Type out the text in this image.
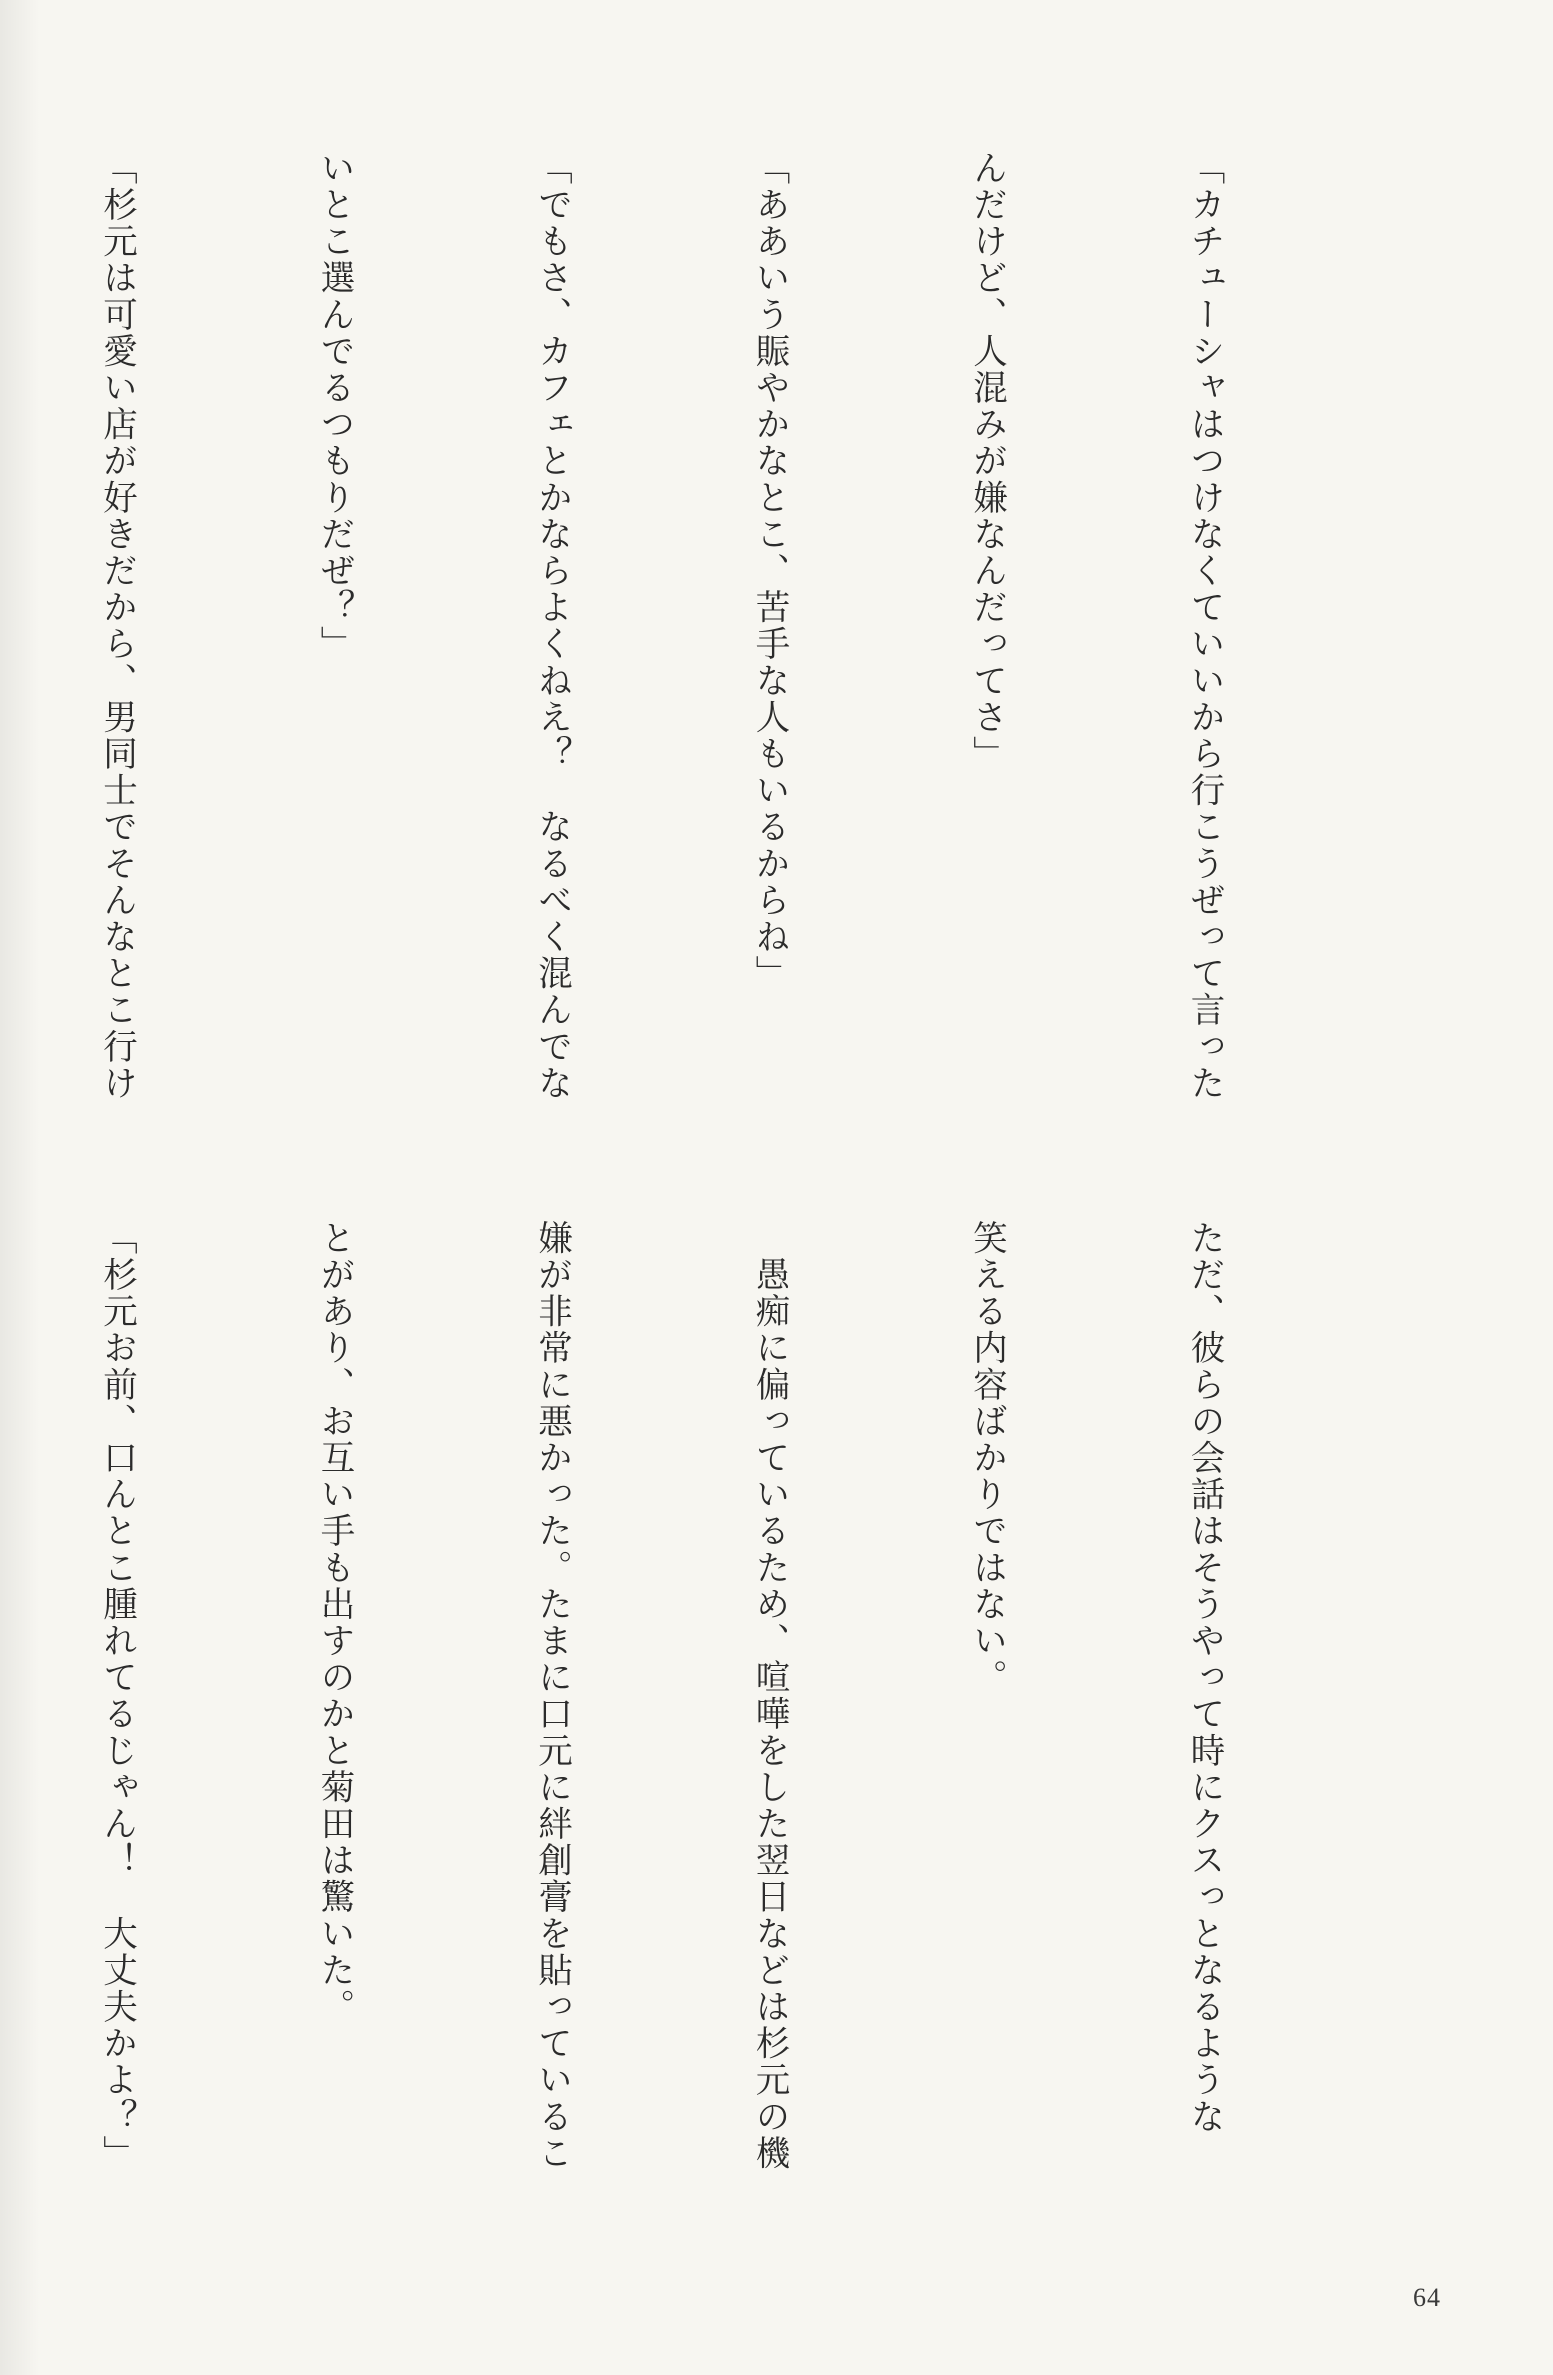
「カチューシャはつけなくていいから行こうぜって言った

んだけど、人混みが嫌なんだってさ」

「ああいう賑やかなとこ、苦手な人もいるからね」

「でもさ、カフェとかならよくねえ？　なるべく混んでな

いとこ選んでるつもりだぜ？」

「杉元は可愛い店が好きだから、男同士でそんなとこ行け

ただ、彼らの会話はそうやって時にクスっとなるような

笑える内容ばかりではない。

　愚痴に偏っているため、喧嘩をした翌日などは杉元の機

嫌が非常に悪かった。たまに口元に絆創膏を貼っているこ

とがあり、お互い手も出すのかと菊田は驚いた。

「杉元お前、口んとこ腫れてるじゃん！　大丈夫かよ？」

64
